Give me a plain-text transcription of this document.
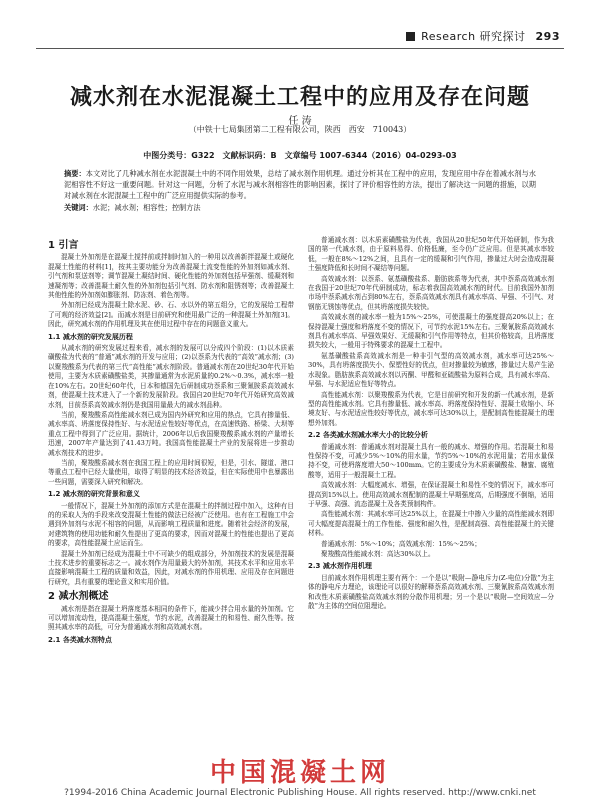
Research 研究探讨 293
减水剂在水泥混凝土工程中的应用及存在问题
任 涛
（中铁十七局集团第二工程有限公司，陕西　西安　710043）
中图分类号：G322　文献标识码：B　文章编号 1007-6344（2016）04-0293-03
摘要：本文对比了几种减水剂在水泥混凝土中的不同作用效果，总结了减水剂作用机理。通过分析其在工程中的应用，发现应用中存在着减水剂与水泥相容性不好这一重要问题。针对这一问题，分析了水泥与减水剂相容性的影响因素，探讨了评价相容性的方法，提出了解决这一问题的措施，以期对减水剂在水泥混凝土工程中的广泛应用提供实际的参考。
关键词：水泥；减水剂；相容性；控制方法
1 引言

混凝土外加剂是在混凝土搅拌前或拌制时加入的一种用以改善新拌混凝土或硬化混凝土性能的材料[1]，按其主要功能分为改善混凝土流变性能的外加剂如减水剂、引气剂和泵送剂等；调节混凝土凝结时间、硬化性能的外加剂包括早强剂、缓凝剂和速凝剂等；改善混凝土耐久性的外加剂包括引气剂、防水剂和阻锈剂等；改善混凝土其他性能的外加剂如膨胀剂、防冻剂、着色剂等。

外加剂已经成为混凝土除水泥、砂、石、水以外的第五组分，它的发展给工程带了可观的经济效益[2]。而减水剂是目前研究和使用最广泛的一种混凝土外加剂[3]。因此，研究减水剂的作用机理及其在使用过程中存在的问题意义重大。

1.1 减水剂的研究发展历程

从减水剂的研究发展过程来看，减水剂的发展可以分成四个阶段：(1)以木质素磺酸盐为代表的“普通”减水剂的开发与应用；(2)以萘系为代表的“高效”减水剂；(3)以聚羧酸系为代表的第三代“高性能”减水剂阶段。普通减水剂在20世纪30年代开始使用，主要为木质素磺酸盐类，其掺量通常为水泥质量的0.2%～0.3%，减水率一般在10%左右。20世纪60年代，日本和德国先后研制成功萘系和三聚氰胺系高效减水剂，使混凝土技术进入了一个新的发展阶段。我国自20世纪70年代开始研究高效减水剂，目前萘系高效减水剂仍是我国用量最大的减水剂品种。

当前，聚羧酸系高性能减水剂已成为国内外研究和应用的热点，它具有掺量低、减水率高、坍落度保持性好、与水泥适应性较好等优点，在高速铁路、桥梁、大坝等重点工程中得到了广泛应用。据统计，2006年以后我国聚羧酸系减水剂的产量增长迅速，2007年产量达到了41.43万吨。我国高性能混凝土产业的发展将进一步推动减水剂技术的进步。

当前，聚羧酸系减水剂在我国工程上的应用时间很短，但是，引水、隧道、港口等重点工程中已经大量使用，取得了明显的技术经济效益，但在实际使用中也暴露出一些问题，需要深入研究和解决。

1.2 减水剂的研究背景和意义

一般情况下，混凝土外加剂的添加方式是在混凝土的拌制过程中加入，这种有目的的采取人为的手段来改变混凝土性能的做法已经被广泛使用。也有在工程施工中会遇到外加剂与水泥不相容的问题，从而影响工程质量和进度。随着社会经济的发展，对建筑物的使用功能和耐久性提出了更高的要求，因而对混凝土的性能也提出了更高的要求，高性能混凝土应运而生。

混凝土外加剂已经成为混凝土中不可缺少的组成部分，外加剂技术的发展是混凝土技术进步的重要标志之一。减水剂作为用量最大的外加剂，其技术水平和应用水平直接影响混凝土工程的质量和效益，因此，对减水剂的作用机理、应用及存在问题进行研究，具有重要的理论意义和实用价值。

2 减水剂概述

减水剂是指在混凝土坍落度基本相同的条件下，能减少拌合用水量的外加剂。它可以增加流动性，提高混凝土强度，节约水泥，改善混凝土的和易性、耐久性等。按照其减水率的高低，可分为普通减水剂和高效减水剂。

2.1 各类减水剂特点

普通减水剂：以木质素磺酸盐为代表，我国从20世纪50年代开始研制，作为我国的第一代减水剂，由于原料易得、价格低廉，至今仍广泛应用。但是其减水率较低，一般在8%～12%之间，且具有一定的缓凝和引气作用，掺量过大时会造成混凝土强度降低和长时间不凝结等问题。

高效减水剂：以萘系、氨基磺酸盐系、脂肪族系等为代表，其中萘系高效减水剂在我国于20世纪70年代研制成功，标志着我国高效减水剂的时代。目前我国外加剂市场中萘系减水剂占到80%左右，萘系高效减水剂具有减水率高、早强、不引气、对钢筋无锈蚀等优点，但其坍落度损失较快。

高效减水剂的减水率一般为15%～25%，可使混凝土的强度提高20%以上；在保持混凝土强度和坍落度不变的情况下，可节约水泥15%左右。三聚氰胺系高效减水剂具有减水率高、早强效果好、无缓凝和引气作用等特点，但其价格较高，且坍落度损失较大，一般用于特殊要求的混凝土工程中。

氨基磺酸盐系高效减水剂是一种非引气型的高效减水剂，减水率可达25%～30%，具有坍落度损失小、保塑性好的优点，但对掺量较为敏感，掺量过大易产生泌水现象。脂肪族系高效减水剂以丙酮、甲醛和亚硫酸盐为原料合成，具有减水率高、早强、与水泥适应性好等特点。

高性能减水剂：以聚羧酸系为代表，它是目前研究和开发的新一代减水剂，是新型的高性能减水剂。它具有掺量低、减水率高、坍落度保持性好、混凝土收缩小、环境友好、与水泥适应性较好等优点，减水率可达30%以上，是配制高性能混凝土的理想外加剂。

2.2 各类减水剂减水率大小的比较分析

普通减水剂：普通减水剂对混凝土具有一般的减水、增强的作用。若混凝土和易性保持不变，可减少5%～10%的用水量，节约5%～10%的水泥用量；若用水量保持不变，可使坍落度增大50～100mm。它的主要成分为木质素磺酸盐、糖蜜、腐殖酸等，适用于一般混凝土工程。

高效减水剂：大幅度减水、增强，在保证混凝土和易性不变的情况下，减水率可提高到15%以上。使用高效减水剂配制的混凝土早期强度高，后期强度不倒缩，适用于早强、高强、流态混凝土及各类预制构件。

高性能减水剂：其减水率可达25%以上，在混凝土中掺入少量的高性能减水剂即可大幅度提高混凝土的工作性能、强度和耐久性，是配制高强、高性能混凝土的关键材料。

普通减水剂：5%～10%；高效减水剂：15%～25%；

聚羧酸高性能减水剂：高达30%以上。

2.3 减水剂作用机理

目前减水剂作用机理主要有两个：一个是以“吸附—静电斥力(Z-电位)分散”为主体的静电斥力理论，该理论可以很好的解释萘系高效减水剂、三聚氰胺系高效减水剂和改性木质素磺酸盐高效减水剂的分散作用机理；另一个是以“吸附—空间效应—分散”为主体的空间位阻理论。

中国混凝土网
?1994-2016 China Academic Journal Electronic Publishing House. All rights reserved. http://www.cnki.net
